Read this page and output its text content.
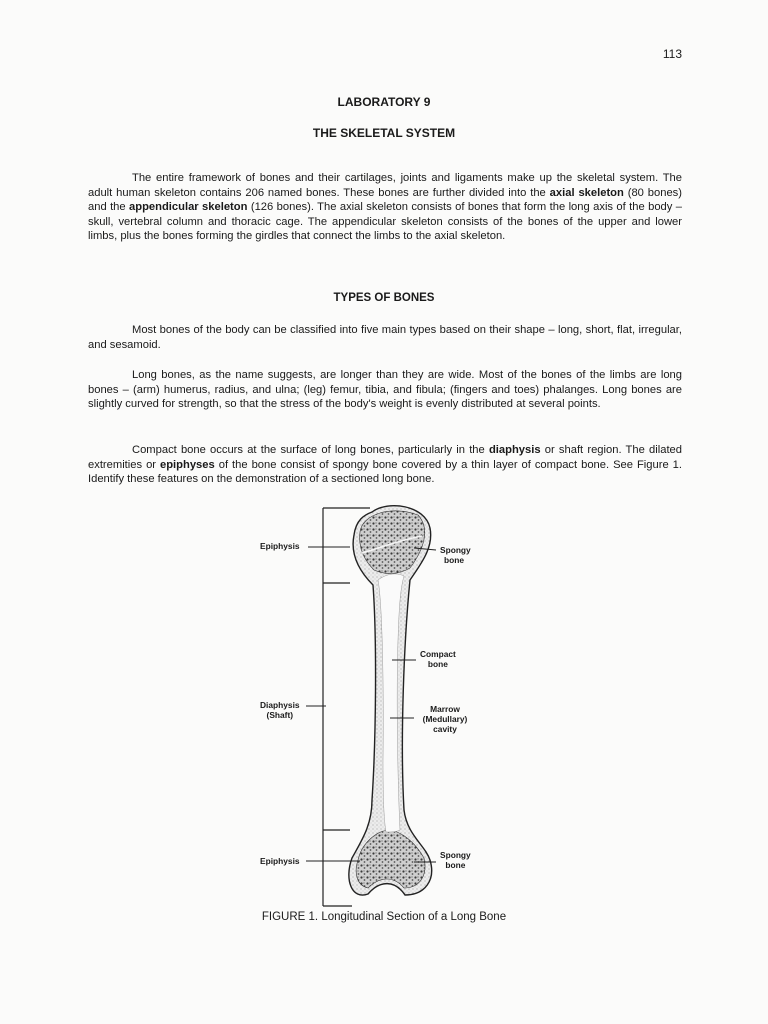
113
LABORATORY 9
THE SKELETAL SYSTEM
The entire framework of bones and their cartilages, joints and ligaments make up the skeletal system. The adult human skeleton contains 206 named bones. These bones are further divided into the axial skeleton (80 bones) and the appendicular skeleton (126 bones). The axial skeleton consists of bones that form the long axis of the body – skull, vertebral column and thoracic cage. The appendicular skeleton consists of the bones of the upper and lower limbs, plus the bones forming the girdles that connect the limbs to the axial skeleton.
TYPES OF BONES
Most bones of the body can be classified into five main types based on their shape – long, short, flat, irregular, and sesamoid.
Long bones, as the name suggests, are longer than they are wide. Most of the bones of the limbs are long bones – (arm) humerus, radius, and ulna; (leg) femur, tibia, and fibula; (fingers and toes) phalanges. Long bones are slightly curved for strength, so that the stress of the body's weight is evenly distributed at several points.
Compact bone occurs at the surface of long bones, particularly in the diaphysis or shaft region. The dilated extremities or epiphyses of the bone consist of spongy bone covered by a thin layer of compact bone. See Figure 1. Identify these features on the demonstration of a sectioned long bone.
Epiphysis	Spongy
bone
Compact
bone
Diaphysis
(Shaft)
Marrow
(Medullary)
cavity
Epiphysis
Spongy
bone
FIGURE 1. Longitudinal Section of a Long Bone
